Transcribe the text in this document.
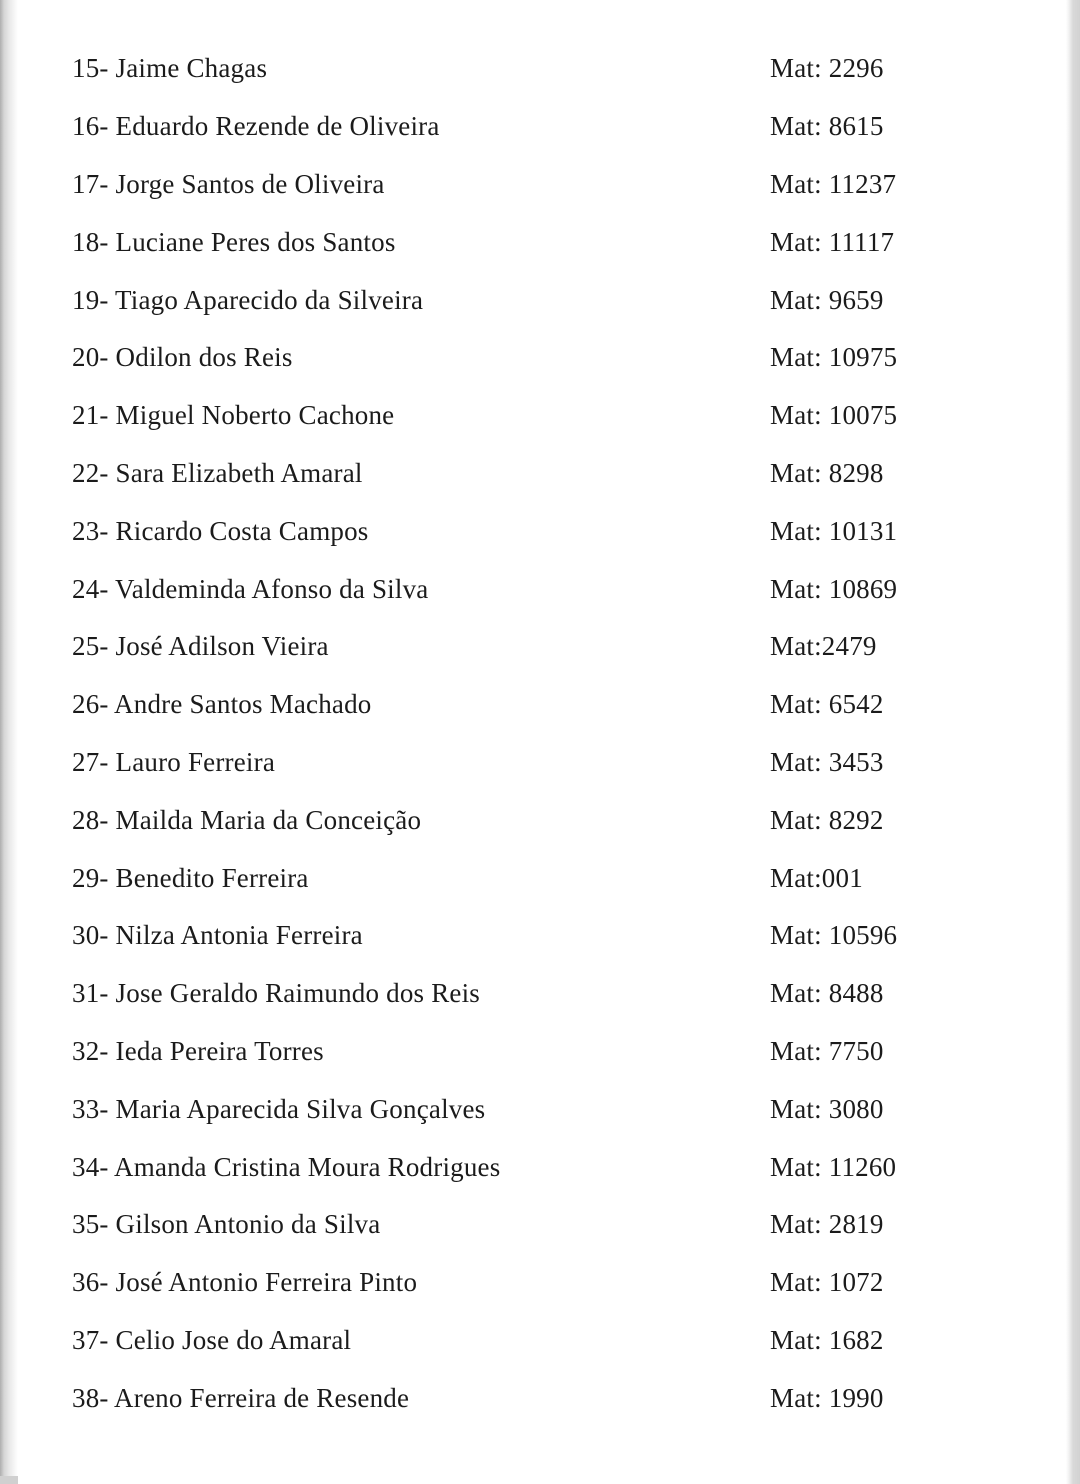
15- Jaime Chagas	Mat: 2296
16- Eduardo Rezende de Oliveira	Mat: 8615
17- Jorge Santos de Oliveira	Mat: 11237
18- Luciane Peres dos Santos	Mat: 11117
19- Tiago Aparecido da Silveira	Mat: 9659
20- Odilon dos Reis	Mat: 10975
21- Miguel Noberto Cachone	Mat: 10075
22- Sara Elizabeth Amaral	Mat: 8298
23- Ricardo Costa Campos	Mat: 10131
24- Valdeminda Afonso da Silva	Mat: 10869
25- José Adilson Vieira	Mat:2479
26- Andre Santos Machado	Mat: 6542
27- Lauro Ferreira	Mat: 3453
28- Mailda Maria da Conceição	Mat: 8292
29- Benedito Ferreira	Mat:001
30- Nilza Antonia Ferreira	Mat: 10596
31- Jose Geraldo Raimundo dos Reis	Mat: 8488
32- Ieda Pereira Torres	Mat: 7750
33- Maria Aparecida Silva Gonçalves	Mat: 3080
34- Amanda Cristina Moura Rodrigues	Mat: 11260
35- Gilson Antonio da Silva	Mat: 2819
36- José Antonio Ferreira Pinto	Mat: 1072
37- Celio Jose do Amaral	Mat: 1682
38- Areno Ferreira de Resende	Mat: 1990
